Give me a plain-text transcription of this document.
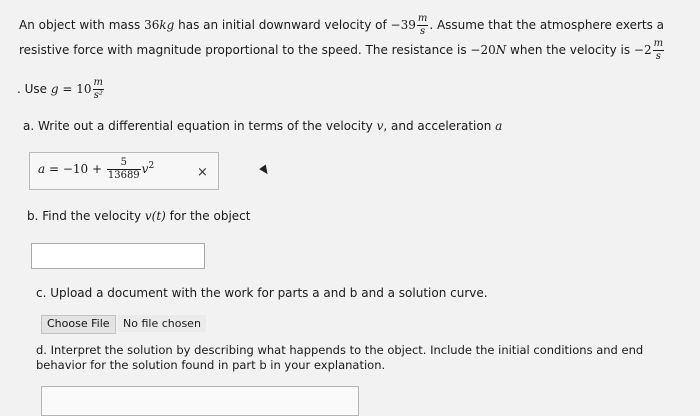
An object with mass 36kg has an initial downward velocity of $-39 \frac{m}{s}$ . Assume that the atmosphere exerts a
resistive force with magnitude proportional to the speed. The resistance is −20N when the velocity is $-2 \frac{m}{s}$
. Use $g = 10 \frac{m}{\text{s²}}$
a. Write out a differential equation in terms of the velocity v, and acceleration a
$a = -10 + \frac{5}{13689} v^2$	×
b. Find the velocity v(t) for the object
c. Upload a document with the work for parts a and b and a solution curve.
Choose File	No file chosen
d. Interpret the solution by describing what happends to the object. Include the initial conditions and end
behavior for the solution found in part b in your explanation.
